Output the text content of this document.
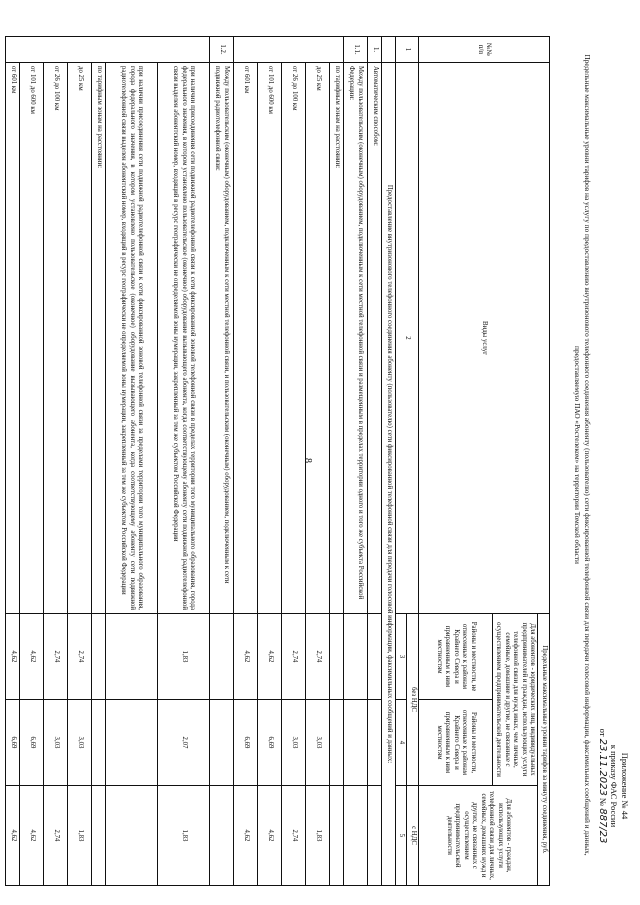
8
Приложение № 44
к приказу ФАС России
от 23.11.2023 № 887/23
Предельные максимальные уровни тарифов на услугу по предоставлению внутризонового телефонного соединения абоненту (пользователю) сети фиксированной телефонной связи для передачи голосовой информации, факсимильных сообщений и данных, предоставляемую ПАО «Ростелеком» на территории Томской области
№№ п/п	Виды услуг	Предельные максимальные уровни тарифов за минуту соединения, руб.		
		Для абонентов - юридических лиц, индивидуальных предпринимателей и граждан, использующих услуги телефонной связи для нужд иных, чем личные, семейные, домашние и другие, не связанные с осуществлением предпринимательской деятельности		Для абонентов - граждан, использующих услуги телефонной связи для личных, семейных, домашних нужд и других, не связанных с осуществлением предпринимательской деятельности
		Районы и местности, не отнесенные к районам Крайнего Севера и приравненным к ним местностям	Районы и местности, отнесенные к районам Крайнего Севера и приравненным к ним местностям	
1	2	без НДС		с НДС
		3	4	5
	Предоставление внутризонового телефонного соединения абоненту (пользователю) сети фиксированной телефонной связи для передачи голосовой информации, факсимильных сообщений и данных:			
1.	Автоматическим способом:			
1.1.	Между пользовательским (оконечным) оборудованием, подключенным к сети местной телефонной связи и размещенным в пределах территории одного и того же субъекта Российской Федерации:			
	по тарифным зонам на расстоянии:			
	до 25 км	2,74	3,03	1,83
	от 26 до 100 км	2,74	3,03	2,74
	от 101 до 600 км	4,62	6,69	4,62
	от 601 км	4,62	6,69	4,62
1.2.	Между пользовательским (оконечным) оборудованием, подключенным к сети местной телефонной связи, и пользовательским (оконечным) оборудованием, подключенным к сети подвижной радиотелефонной связи:			
	при наличии присоединения сети подвижной радиотелефонной связи к сети фиксированной зоновой телефонной связи в пределах территории того муниципального образования, города федерального значения, в котором установлено пользовательское (оконечное) оборудование вызывающего абонента, когда соответствующему абоненту сети подвижной радиотелефонной связи выделен абонентский номер, входящий в ресурс географически не определяемой зоны нумерации, закрепленный за тем же субъектом Российской Федерации	1,83	2,07	1,83
	при наличии присоединения сети подвижной радиотелефонной связи к сети фиксированной зоновой телефонной связи за пределами территории того муниципального образования, города федерального значения, в котором установлено пользовательское (оконечное) оборудование вызывающего абонента, когда соответствующему абоненту сети подвижной радиотелефонной связи выделен абонентский номер, входящий в ресурс географически не определяемой зоны нумерации, закрепленный за тем же субъектом Российской Федерации			
	по тарифным зонам на расстоянии:			
	до 25 км	2,74	3,03	1,83
	от 26 до 100 км	2,74	3,03	2,74
	от 101 до 600 км	4,62	6,69	4,62
	от 601 км	4,62	6,69	4,62
